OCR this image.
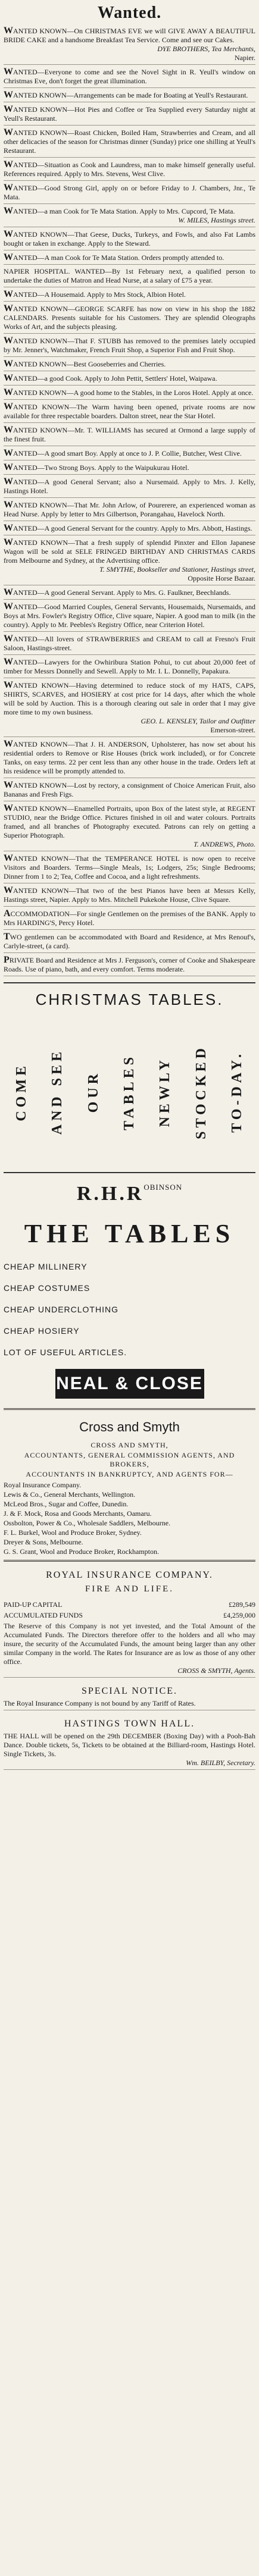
Wanted.
WANTED KNOWN—On CHRISTMAS EVE we will GIVE AWAY A BEAUTIFUL BRIDE CAKE and a handsome Breakfast Tea Service. Come and see our Cakes.
DYE BROTHERS, Tea Merchants,
Napier.
WANTED—Everyone to come and see the Novel Sight in R. Yeull's window on Christmas Eve, don't forget the great illumination.
WANTED KNOWN—Arrangements can be made for Boating at Yeull's Restaurant.
WANTED KNOWN—Hot Pies and Coffee or Tea Supplied every Saturday night at Yeull's Restaurant.
WANTED KNOWN—Roast Chicken, Boiled Ham, Strawberries and Cream, and all other delicacies of the season for Christmas dinner (Sunday) price one shilling at Yeull's Restaurant.
WANTED—Situation as Cook and Laundress, man to make himself generally useful. References required. Apply to Mrs. Stevens, West Clive.
WANTED—Good Strong Girl, apply on or before Friday to J. Chambers, Jnr., Te Mata.
WANTED—a man Cook for Te Mata Station. Apply to Mrs. Cupcord, Te Mata.
W. MILES, Hastings street.
WANTED KNOWN—That Geese, Ducks, Turkeys, and Fowls, and also Fat Lambs bought or taken in exchange. Apply to the Steward.
WANTED—A man Cook for Te Mata Station. Orders promptly attended to.
NAPIER HOSPITAL. WANTED—By 1st February next, a qualified person to undertake the duties of Matron and Head Nurse, at a salary of £75 a year.
WANTED—A Housemaid. Apply to Mrs Stock, Albion Hotel.
WANTED KNOWN—GEORGE SCARFE has now on view in his shop the 1882 CALENDARS. Presents suitable for his Customers. They are splendid Oleographs Works of Art, and the subjects pleasing.
WANTED KNOWN—That F. STUBB has removed to the premises lately occupied by Mr. Jenner's, Watchmaker, French Fruit Shop, a Superior Fish and Fruit Shop.
WANTED KNOWN—Best Gooseberries and Cherries.
WANTED—a good Cook. Apply to John Pettit, Settlers' Hotel, Waipawa.
WANTED KNOWN—A good home to the Stables, in the Loros Hotel. Apply at once.
WANTED KNOWN—The Warm having been opened, private rooms are now available for three respectable boarders. Dalton street, near the Star Hotel.
WANTED KNOWN—Mr. T. WILLIAMS has secured at Ormond a large supply of the finest fruit.
WANTED—A good smart Boy. Apply at once to J. P. Collie, Butcher, West Clive.
WANTED—Two Strong Boys. Apply to the Waipukurau Hotel.
WANTED—A good General Servant; also a Nursemaid. Apply to Mrs. J. Kelly, Hastings Hotel.
WANTED KNOWN—That Mr. John Arlow, of Pourerere, an experienced woman as Head Nurse. Apply by letter to Mrs Gilbertson, Porangahau, Havelock North.
WANTED—A good General Servant for the country. Apply to Mrs. Abbott, Hastings.
WANTED KNOWN—That a fresh supply of splendid Pinxter and Ellon Japanese Wagon will be sold at SELE FRINGED BIRTHDAY AND CHRISTMAS CARDS from Melbourne and Sydney, at the Advertising office.
T. SMYTHE, Bookseller and Stationer, Hastings street,
Opposite Horse Bazaar.
WANTED—A good General Servant. Apply to Mrs. G. Faulkner, Beechlands.
WANTED—Good Married Couples, General Servants, Housemaids, Nursemaids, and Boys at Mrs. Fowler's Registry Office, Clive square, Napier. A good man to milk (in the country). Apply to Mr. Peebles's Registry Office, near Criterion Hotel.
WANTED—All lovers of STRAWBERRIES and CREAM to call at Fresno's Fruit Saloon, Hastings-street.
WANTED—Lawyers for the Owhiribura Station Pohui, to cut about 20,000 feet of timber for Messrs Donnelly and Sewell. Apply to Mr. I. L. Donnelly, Papakura.
WANTED KNOWN—Having determined to reduce stock of my HATS, CAPS, SHIRTS, SCARVES, and HOSIERY at cost price for 14 days, after which the whole will be sold by Auction. This is a thorough clearing out sale in order that I may give more time to my own business.
GEO. L. KENSLEY, Tailor and Outfitter
Emerson-street.
WANTED KNOWN—That J. H. ANDERSON, Upholsterer, has now set about his residential orders to Remove or Rise Houses (brick work included), or for Concrete Tanks, on easy terms. 22 per cent less than any other house in the trade. Orders left at his residence will be promptly attended to.
WANTED KNOWN—Lost by rectory, a consignment of Choice American Fruit, also Bananas and Fresh Figs.
WANTED KNOWN—Enamelled Portraits, upon Box of the latest style, at REGENT STUDIO, near the Bridge Office. Pictures finished in oil and water colours. Portraits framed, and all branches of Photography executed. Patrons can rely on getting a Superior Photograph.
T. ANDREWS, Photo.
WANTED KNOWN—That the TEMPERANCE HOTEL is now open to receive Visitors and Boarders. Terms—Single Meals, 1s; Lodgers, 25s; Single Bedrooms; Dinner from 1 to 2; Tea, Coffee and Cocoa, and a light refreshments.
WANTED KNOWN—That two of the best Pianos have been at Messrs Kelly, Hastings street, Napier. Apply to Mrs. Mitchell Pukekohe House, Clive Square.
ACCOMMODATION—For single Gentlemen on the premises of the BANK. Apply to Mrs HARDING'S, Percy Hotel.
TWO gentlemen can be accommodated with Board and Residence, at Mrs Renouf's, Carlyle-street, (a card).
PRIVATE Board and Residence at Mrs J. Ferguson's, corner of Cooke and Shakespeare Roads. Use of piano, bath, and every comfort. Terms moderate.
CHRISTMAS TABLES.
COME AND SEE OUR TABLES NEWLY STOCKED TO-DAY.
$R.H.R^{OBINSON}$
THE TABLES
CHEAP MILLINERY
CHEAP COSTUMES
CHEAP UNDERCLOTHING
CHEAP HOSIERY
LOT OF USEFUL ARTICLES.
NEAL & CLOSE
Cross and Smyth
CROSS AND SMYTH,
ACCOUNTANTS, GENERAL COMMISSION AGENTS, AND BROKERS,
ACCOUNTANTS IN BANKRUPTCY, AND AGENTS FOR—
Royal Insurance Company.
Lewis & Co., General Merchants, Wellington.
McLeod Bros., Sugar and Coffee, Dunedin.
J. & F. Mock, Rosa and Goods Merchants, Oamaru.
Ossbolton, Power & Co., Wholesale Saddlers, Melbourne.
F. L. Burkel, Wool and Produce Broker, Sydney.
Dreyer & Sons, Melbourne.
G. S. Grant, Wool and Produce Broker, Rockhampton.
ROYAL INSURANCE COMPANY.
FIRE AND LIFE.
PAID-UP CAPITAL	£289,549
ACCUMULATED FUNDS	£4,259,000
The Reserve of this Company is not yet invested, and the Total Amount of the Accumulated Funds. The Directors therefore offer to the holders and all who may insure, the security of the Accumulated Funds, the amount being larger than any other similar Company in the world. The Rates for Insurance are as low as those of any other office.
CROSS & SMYTH, Agents.
SPECIAL NOTICE.
The Royal Insurance Company is not bound by any Tariff of Rates.
HASTINGS TOWN HALL.
THE HALL will be opened on the 29th DECEMBER (Boxing Day) with a Pooh-Bah Dance. Double tickets, 5s, Tickets to be obtained at the Billiard-room, Hastings Hotel. Single Tickets, 3s.
Wm. BEILBY, Secretary.
